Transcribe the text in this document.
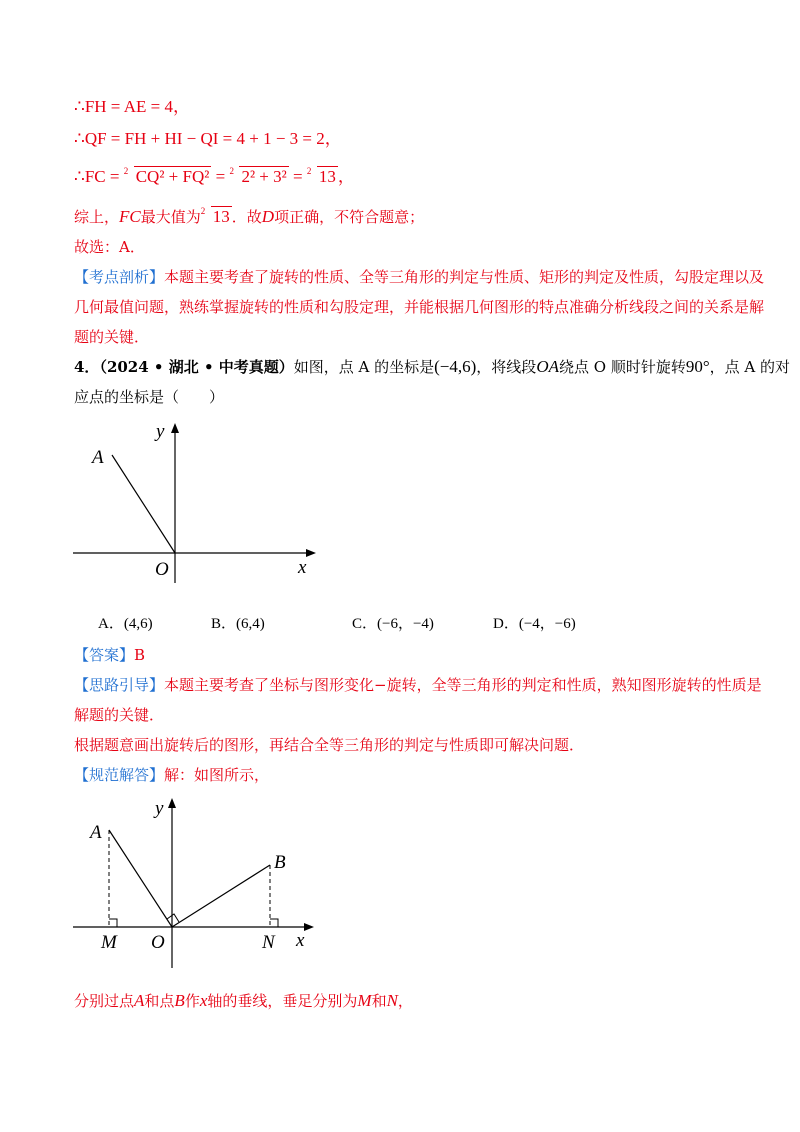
∴FH = AE = 4，
∴QF = FH + HI − QI = 4 + 1 − 3 = 2，
∴FC = 2 CQ² + FQ² = 2 2² + 3² = 2 13 ，
综上，FC最大值为 2 13 ．故D项正确，不符合题意；
故选：A．
【考点剖析】本题主要考查了旋转的性质、全等三角形的判定与性质、矩形的判定及性质，勾股定理以及
几何最值问题，熟练掌握旋转的性质和勾股定理，并能根据几何图形的特点准确分析线段之间的关系是解
题的关键．
4．（2024 • 湖北 • 中考真题）如图，点 A 的坐标是(−4,6)，将线段OA绕点 O 顺时针旋转90°，点 A 的对
应点的坐标是（　　）
y
x
A
O
A．(4,6)	B．(6,4)	C．(−6，−4)	D．(−4，−6)
【答案】B
【思路引导】本题主要考查了坐标与图形变化−旋转，全等三角形的判定和性质，熟知图形旋转的性质是
解题的关键．
根据题意画出旋转后的图形，再结合全等三角形的判定与性质即可解决问题．
【规范解答】解：如图所示，
y
x
A
B
M O	N
分别过点A和点B作x轴的垂线，垂足分别为M和N，
